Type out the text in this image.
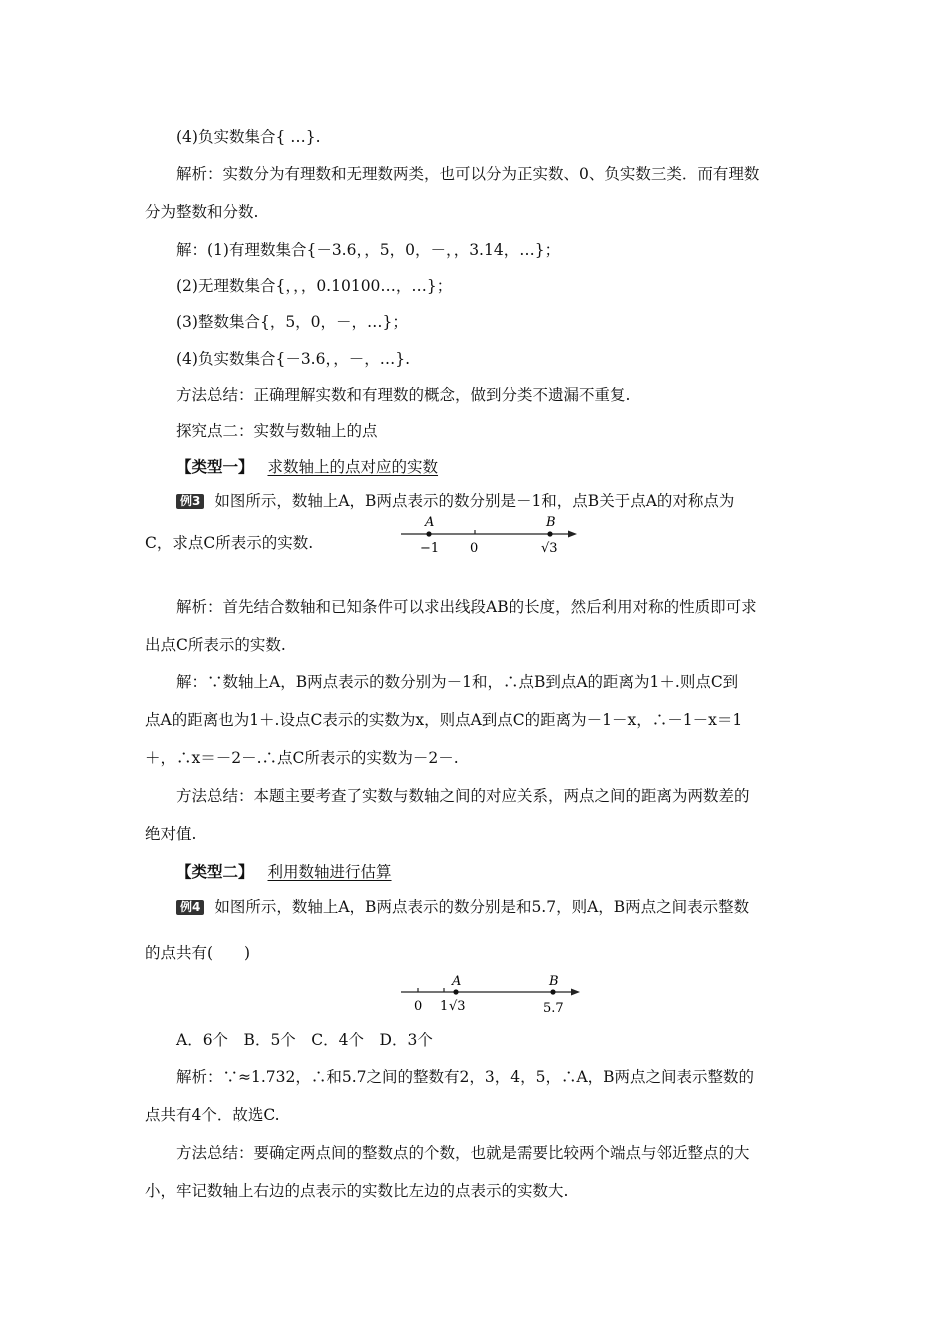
(4)负实数集合{ …}.
解析：实数分为有理数和无理数两类，也可以分为正实数、0、负实数三类．而有理数
分为整数和分数.
解：(1)有理数集合{－3.6，，5，0，－，，3.14，…}；
(2)无理数集合{，，，0.10100…，…}；
(3)整数集合{，5，0，－，…}；
(4)负实数集合{－3.6，，－，…}.
方法总结：正确理解实数和有理数的概念，做到分类不遗漏不重复.
探究点二：实数与数轴上的点
【类型一】 求数轴上的点对应的实数
例3 如图所示，数轴上A，B两点表示的数分别是－1和，点B关于点A的对称点为
C，求点C所表示的实数.
A	B
−1 0	√3
解析：首先结合数轴和已知条件可以求出线段AB的长度，然后利用对称的性质即可求
出点C所表示的实数.
解：∵数轴上A，B两点表示的数分别为－1和，∴点B到点A的距离为1＋.则点C到
点A的距离也为1＋.设点C表示的实数为x，则点A到点C的距离为－1－x，∴－1－x＝1
＋，∴x＝－2－.∴点C所表示的实数为－2－.
方法总结：本题主要考查了实数与数轴之间的对应关系，两点之间的距离为两数差的
绝对值.
【类型二】 利用数轴进行估算
例4 如图所示，数轴上A，B两点表示的数分别是和5.7，则A，B两点之间表示整数
的点共有(　　)
A	B
0 1 √3	5.7
A．6个　B．5个　C．4个　D．3个
解析：∵≈1.732，∴和5.7之间的整数有2，3，4，5，∴A，B两点之间表示整数的
点共有4个．故选C.
方法总结：要确定两点间的整数点的个数，也就是需要比较两个端点与邻近整点的大
小，牢记数轴上右边的点表示的实数比左边的点表示的实数大.
